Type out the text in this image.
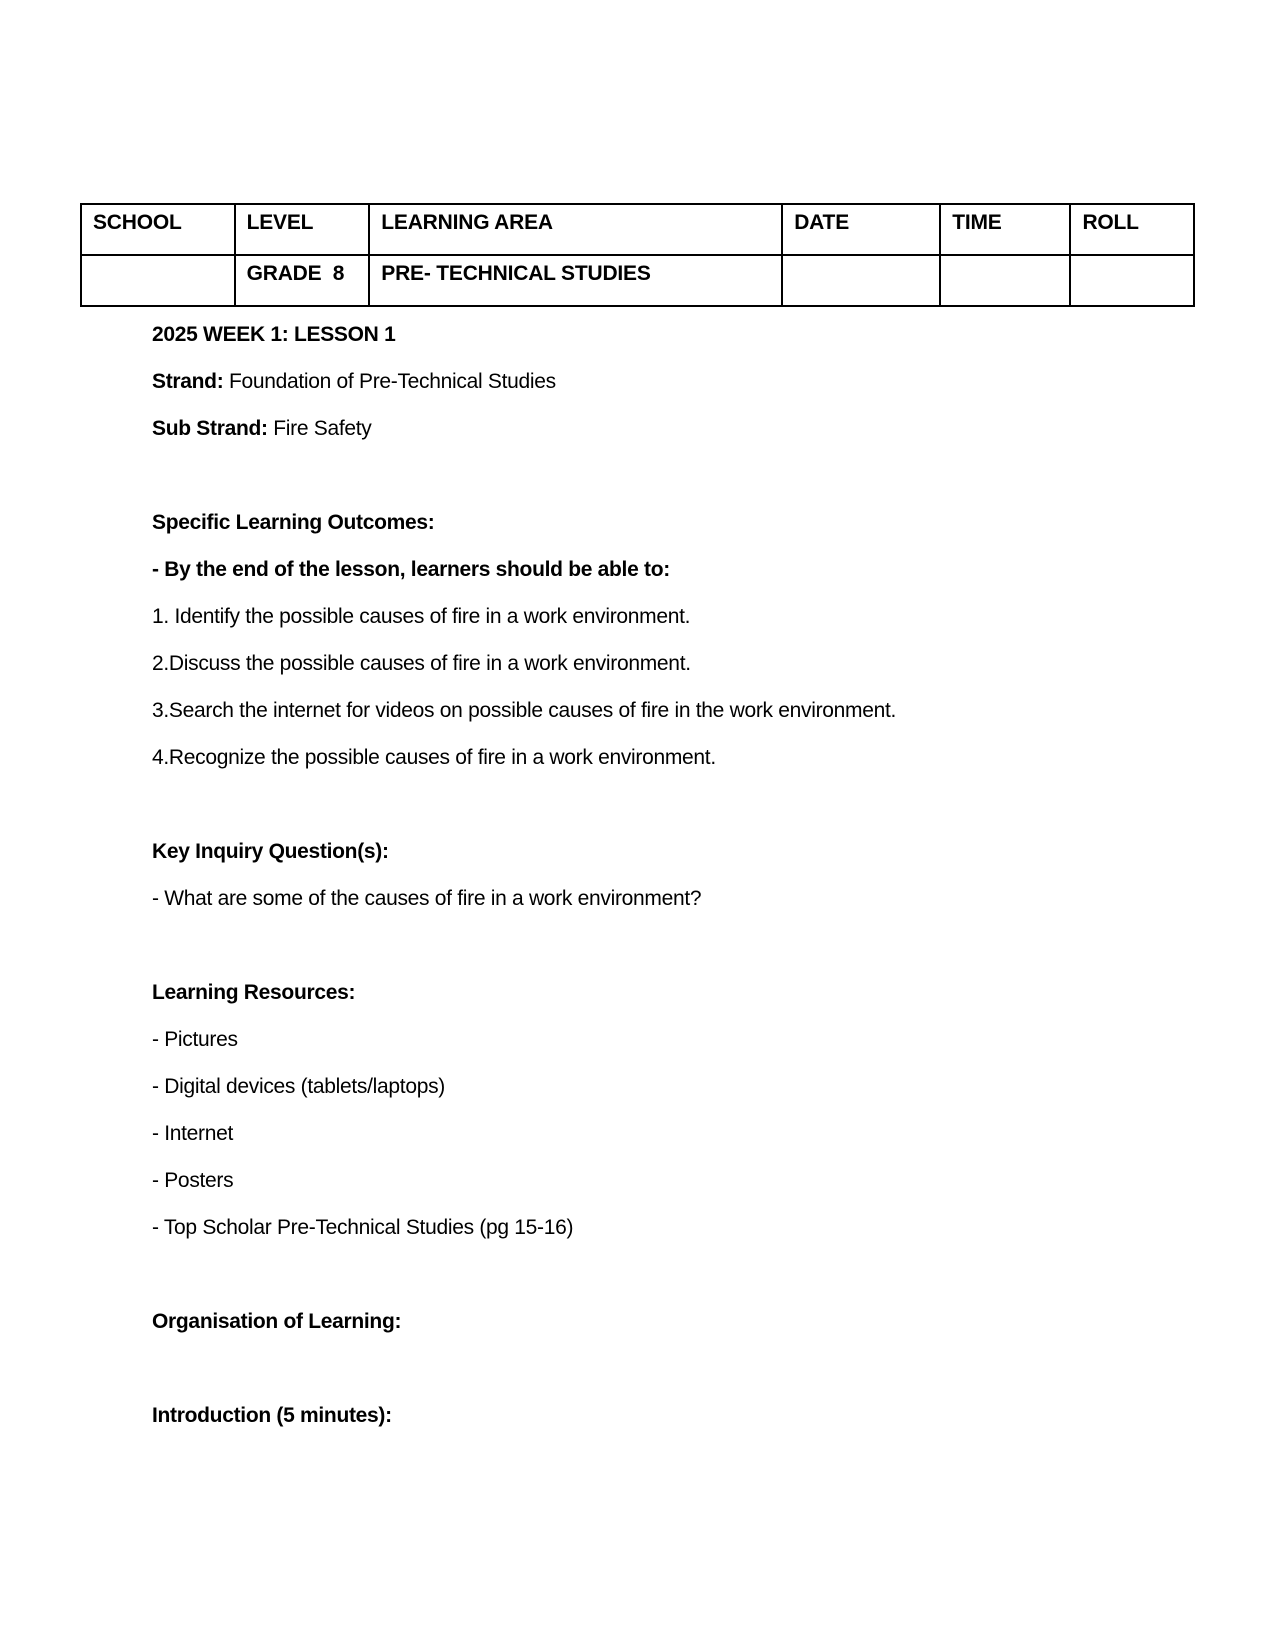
SCHOOL	LEVEL	LEARNING AREA	DATE	TIME	ROLL
	GRADE  8	PRE- TECHNICAL STUDIES			

2025 WEEK 1: LESSON 1

Strand: Foundation of Pre-Technical Studies

Sub Strand: Fire Safety

Specific Learning Outcomes:

- By the end of the lesson, learners should be able to:

1. Identify the possible causes of fire in a work environment.

2.Discuss the possible causes of fire in a work environment.

3.Search the internet for videos on possible causes of fire in the work environment.

4.Recognize the possible causes of fire in a work environment.

Key Inquiry Question(s):

- What are some of the causes of fire in a work environment?

Learning Resources:

- Pictures

- Digital devices (tablets/laptops)

- Internet

- Posters

- Top Scholar Pre-Technical Studies (pg 15-16)

Organisation of Learning:

Introduction (5 minutes):
